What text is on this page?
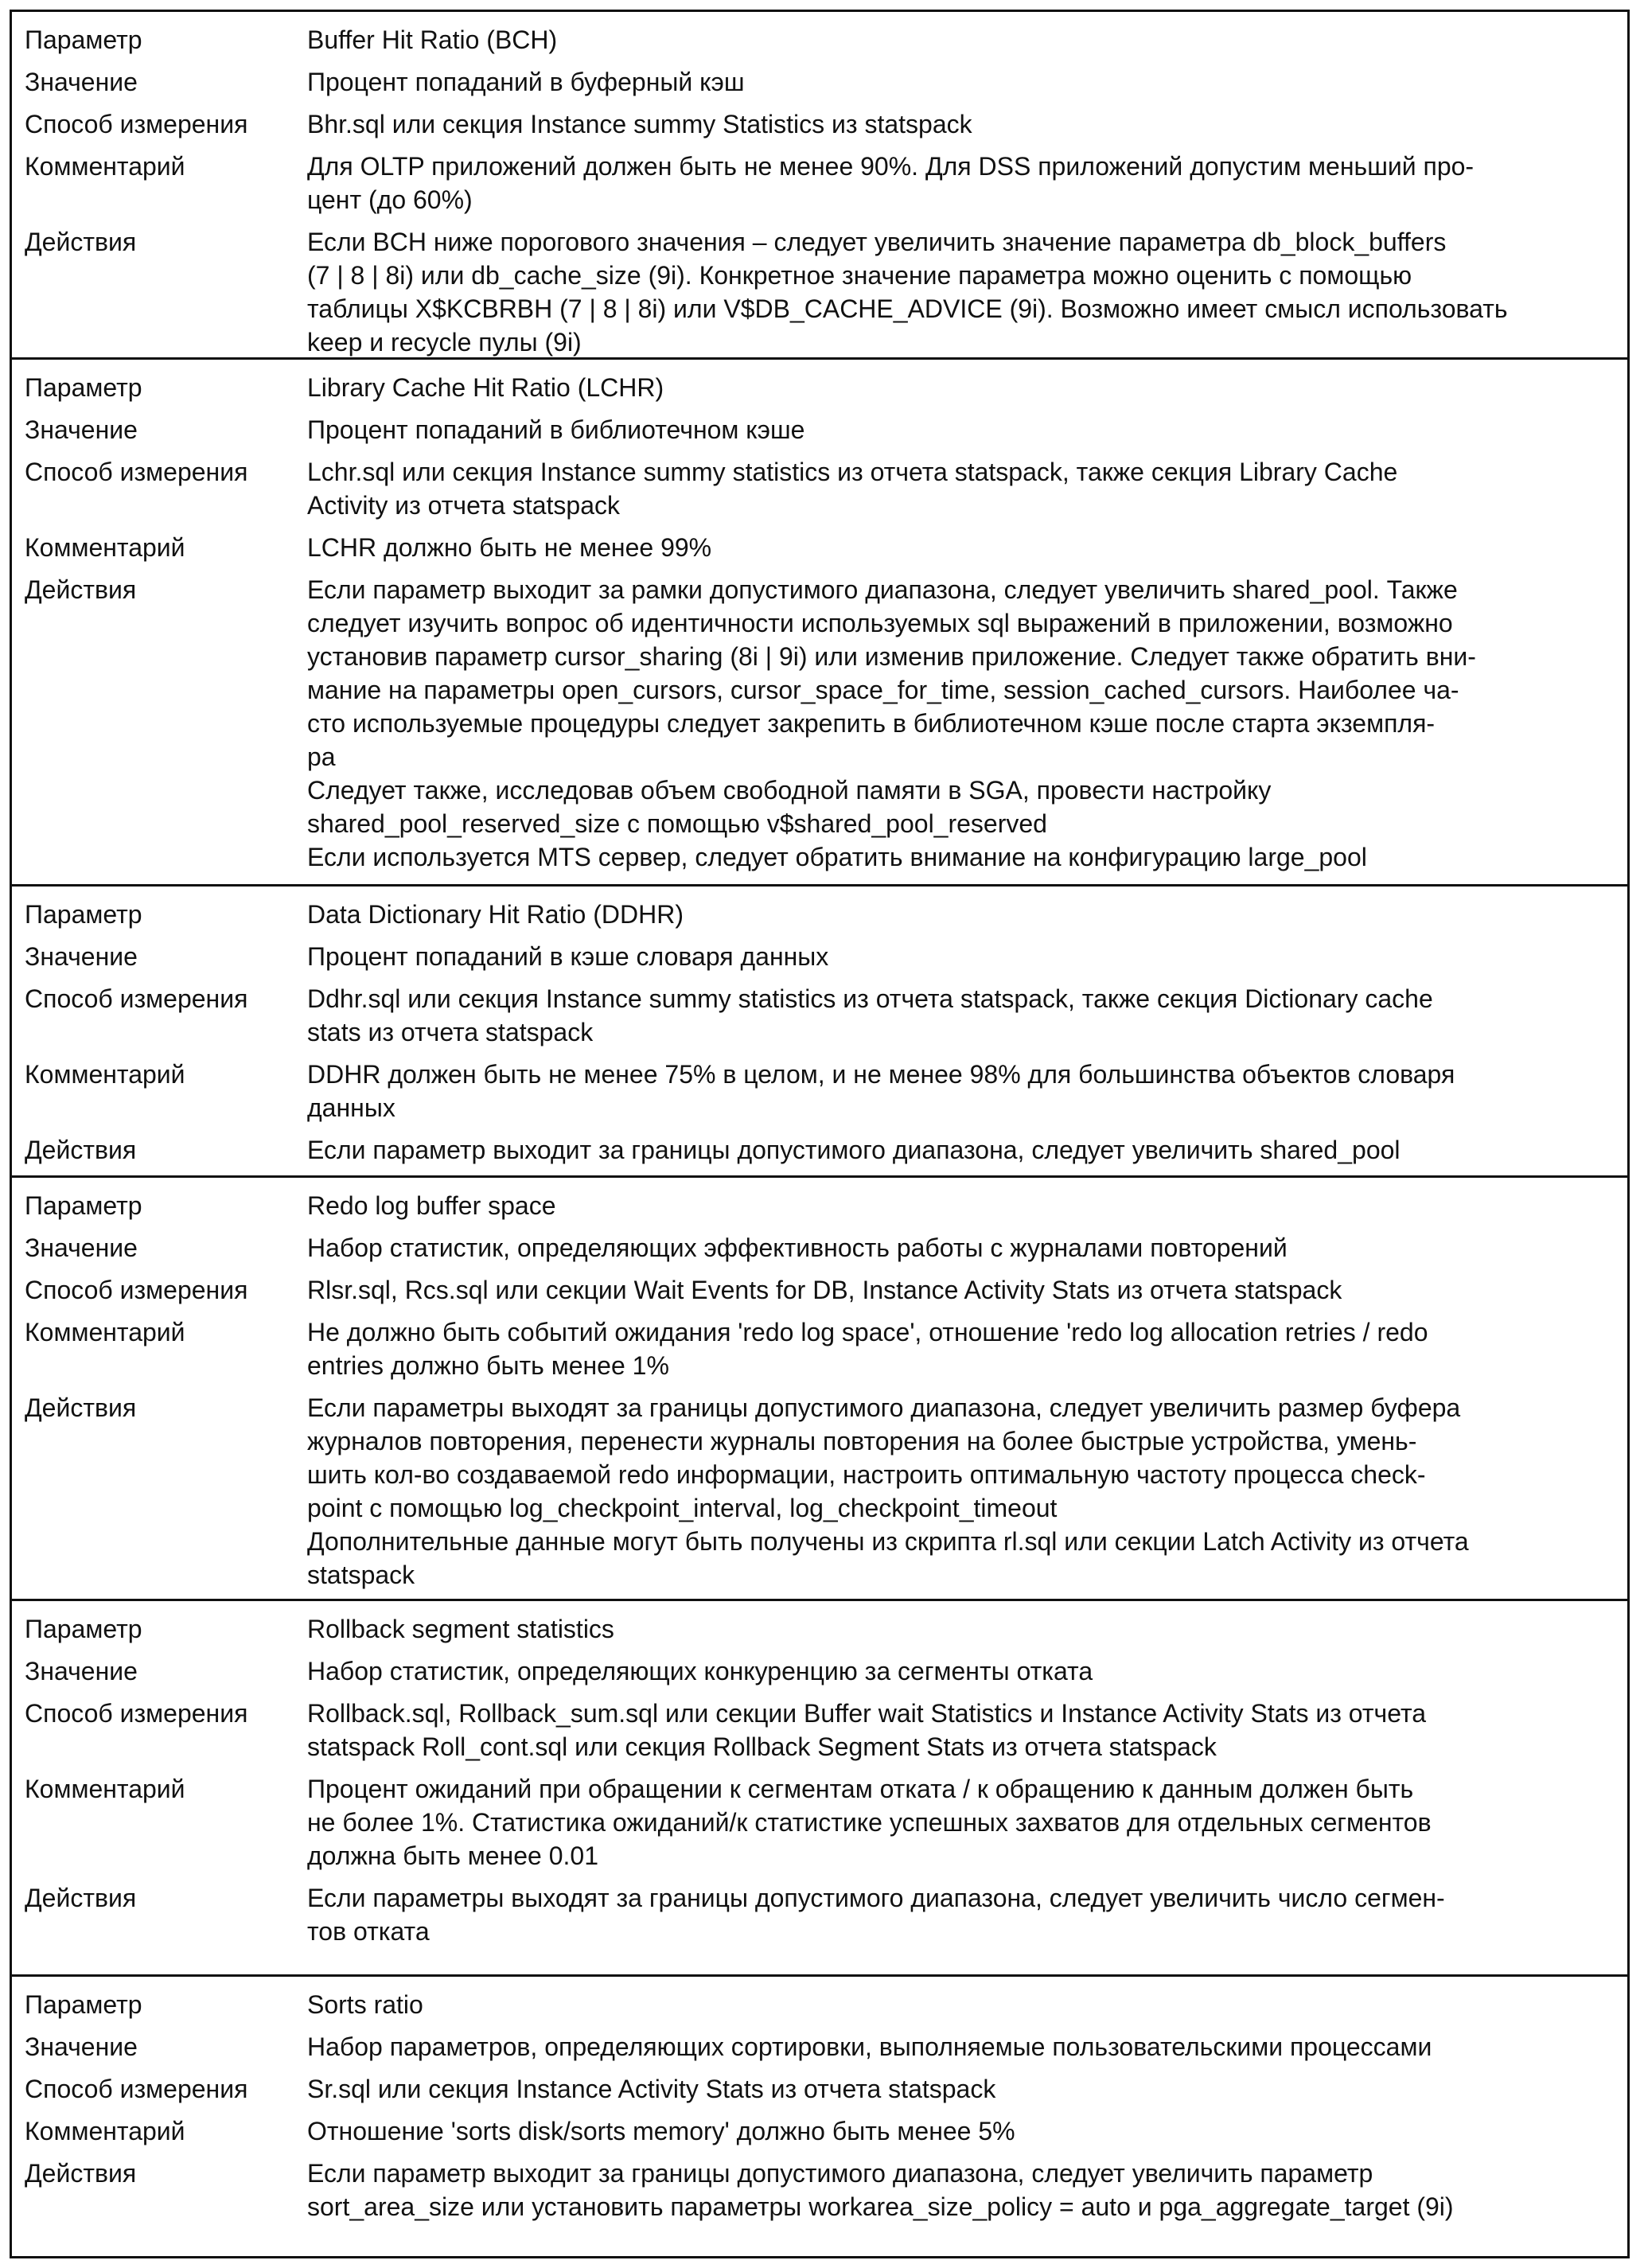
Параметр	Buffer Hit Ratio (BCH)
Значение	Процент попаданий в буферный кэш
Способ измерения	Bhr.sql или секция Instance summy Statistics из statspack
Комментарий	Для OLTP приложений должен быть не менее 90%. Для DSS приложений допустим меньший про-
цент (до 60%)
Действия	Если BCH ниже порогового значения – следует увеличить значение параметра db_block_buffers
(7 | 8 | 8i) или db_cache_size (9i). Конкретное значение параметра можно оценить с помощью
таблицы X$KCBRBH (7 | 8 | 8i) или V$DB_CACHE_ADVICE (9i). Возможно имеет смысл использовать
keep и recycle пулы (9i)
Параметр	Library Cache Hit Ratio (LCHR)
Значение	Процент попаданий в библиотечном кэше
Способ измерения	Lchr.sql или секция Instance summy statistics из отчета statspack, также секция Library Cache
Activity из отчета statspack
Комментарий	LCHR должно быть не менее 99%
Действия	Если параметр выходит за рамки допустимого диапазона, следует увеличить shared_pool. Также
следует изучить вопрос об идентичности используемых sql выражений в приложении, возможно
установив параметр cursor_sharing (8i | 9i) или изменив приложение. Следует также обратить вни-
мание на параметры open_cursors, cursor_space_for_time, session_cached_cursors. Наиболее ча-
сто используемые процедуры следует закрепить в библиотечном кэше после старта экземпля-
ра
Следует также, исследовав объем свободной памяти в SGA, провести настройку
shared_pool_reserved_size с помощью v$shared_pool_reserved
Если используется MTS сервер, следует обратить внимание на конфигурацию large_pool
Параметр	Data Dictionary Hit Ratio (DDHR)
Значение	Процент попаданий в кэше словаря данных
Способ измерения	Ddhr.sql или секция Instance summy statistics из отчета statspack, также секция Dictionary cache
stats из отчета statspack
Комментарий	DDHR должен быть не менее 75% в целом, и не менее 98% для большинства объектов словаря
данных
Действия	Если параметр выходит за границы допустимого диапазона, следует увеличить shared_pool
Параметр	Redo log buffer space
Значение	Набор статистик, определяющих эффективность работы с журналами повторений
Способ измерения	Rlsr.sql, Rcs.sql или секции Wait Events for DB, Instance Activity Stats из отчета statspack
Комментарий	Не должно быть событий ожидания 'redo log space', отношение 'redo log allocation retries / redo
entries должно быть менее 1%
Действия	Если параметры выходят за границы допустимого диапазона, следует увеличить размер буфера
журналов повторения, перенести журналы повторения на более быстрые устройства, умень-
шить кол-во создаваемой redo информации, настроить оптимальную частоту процесса check-
point с помощью log_checkpoint_interval, log_checkpoint_timeout
Дополнительные данные могут быть получены из скрипта rl.sql или секции Latch Activity из отчета
statspack
Параметр	Rollback segment statistics
Значение	Набор статистик, определяющих конкуренцию за сегменты отката
Способ измерения	Rollback.sql, Rollback_sum.sql или секции Buffer wait Statistics и Instance Activity Stats из отчета
statspack Roll_cont.sql или секция Rollback Segment Stats из отчета statspack
Комментарий	Процент ожиданий при обращении к сегментам отката / к обращению к данным должен быть
не более 1%. Статистика ожиданий/к статистике успешных захватов для отдельных сегментов
должна быть менее 0.01
Действия	Если параметры выходят за границы допустимого диапазона, следует увеличить число сегмен-
тов отката
Параметр	Sorts ratio
Значение	Набор параметров, определяющих сортировки, выполняемые пользовательскими процессами
Способ измерения	Sr.sql или секция Instance Activity Stats из отчета statspack
Комментарий	Отношение 'sorts disk/sorts memory' должно быть менее 5%
Действия	Если параметр выходит за границы допустимого диапазона, следует увеличить параметр
sort_area_size или установить параметры workarea_size_policy = auto и pga_aggregate_target (9i)
